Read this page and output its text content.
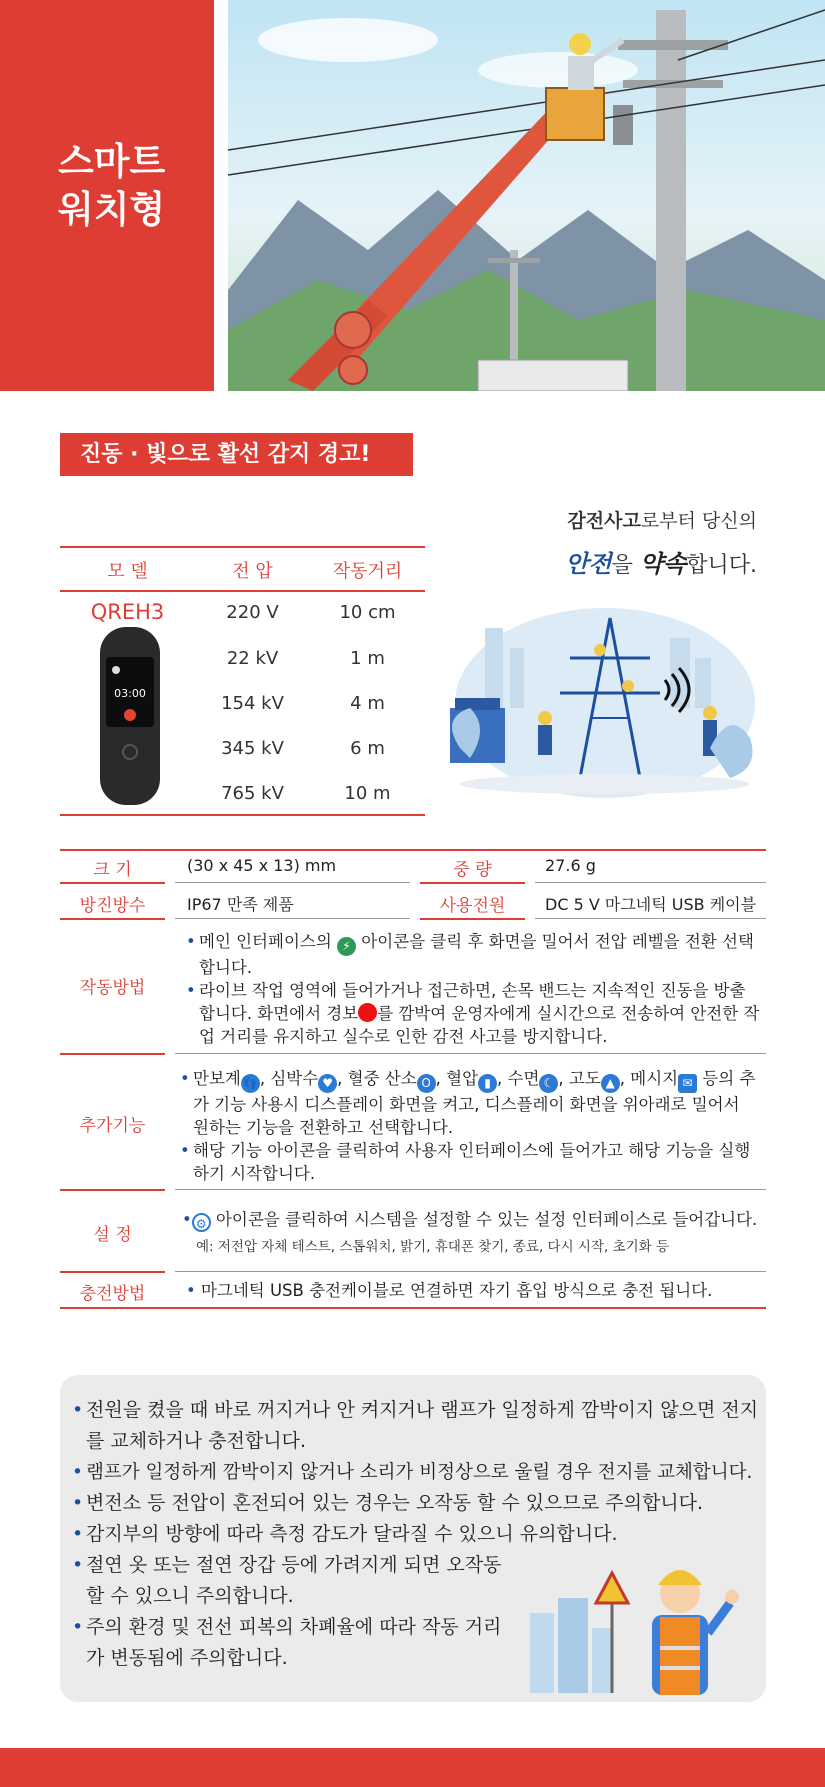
스마트
워치형
진동 · 빛으로 활선 감지 경고!
감전사고로부터 당신의
안전을 약속합니다.
모 델	전 압	작동거리
QREH3
03:00
220 V	10 cm
22 kV	1 m
154 kV	4 m
345 kV	6 m
765 kV	10 m
크 기	(30 x 45 x 13) mm	중 량	27.6 g
방진방수	IP67 만족 제품	사용전원	DC 5 V 마그네틱 USB 케이블
작동방법
• 메인 인터페이스의 ⚡ 아이콘을 클릭 후 화면을 밀어서 전압 레벨을 전환 선택합니다.
• 라이브 작업 영역에 들어가거나 접근하면, 손목 밴드는 지속적인 진동을 방출합니다. 화면에서 경보 를 깜박여 운영자에게 실시간으로 전송하여 안전한 작업 거리를 유지하고 실수로 인한 감전 사고를 방지합니다.
추가기능
• 만보계 👣 , 심박수 ♥ , 혈중 산소 O , 혈압 ▮ , 수면 ☾ , 고도 ▲ , 메시지 ✉ 등의 추가 기능 사용시 디스플레이 화면을 켜고, 디스플레이 화면을 위아래로 밀어서 원하는 기능을 전환하고 선택합니다.
• 해당 기능 아이콘을 클릭하여 사용자 인터페이스에 들어가고 해당 기능을 실행하기 시작합니다.
설 정
• ⚙ 아이콘을 클릭하여 시스템을 설정할 수 있는 설정 인터페이스로 들어갑니다.
예: 저전압 자체 테스트, 스톱워치, 밝기, 휴대폰 찾기, 종료, 다시 시작, 초기화 등
충전방법	• 마그네틱 USB 충전케이블로 연결하면 자기 흡입 방식으로 충전 됩니다.
• 전원을 켰을 때 바로 꺼지거나 안 켜지거나 램프가 일정하게 깜박이지 않으면 전지를 교체하거나 충전합니다.
• 램프가 일정하게 깜박이지 않거나 소리가 비정상으로 울릴 경우 전지를 교체합니다.
• 변전소 등 전압이 혼전되어 있는 경우는 오작동 할 수 있으므로 주의합니다.
• 감지부의 방향에 따라 측정 감도가 달라질 수 있으니 유의합니다.
• 절연 옷 또는 절연 장갑 등에 가려지게 되면 오작동 할 수 있으니 주의합니다.
• 주의 환경 및 전선 피복의 차폐율에 따라 작동 거리가 변동됨에 주의합니다.
